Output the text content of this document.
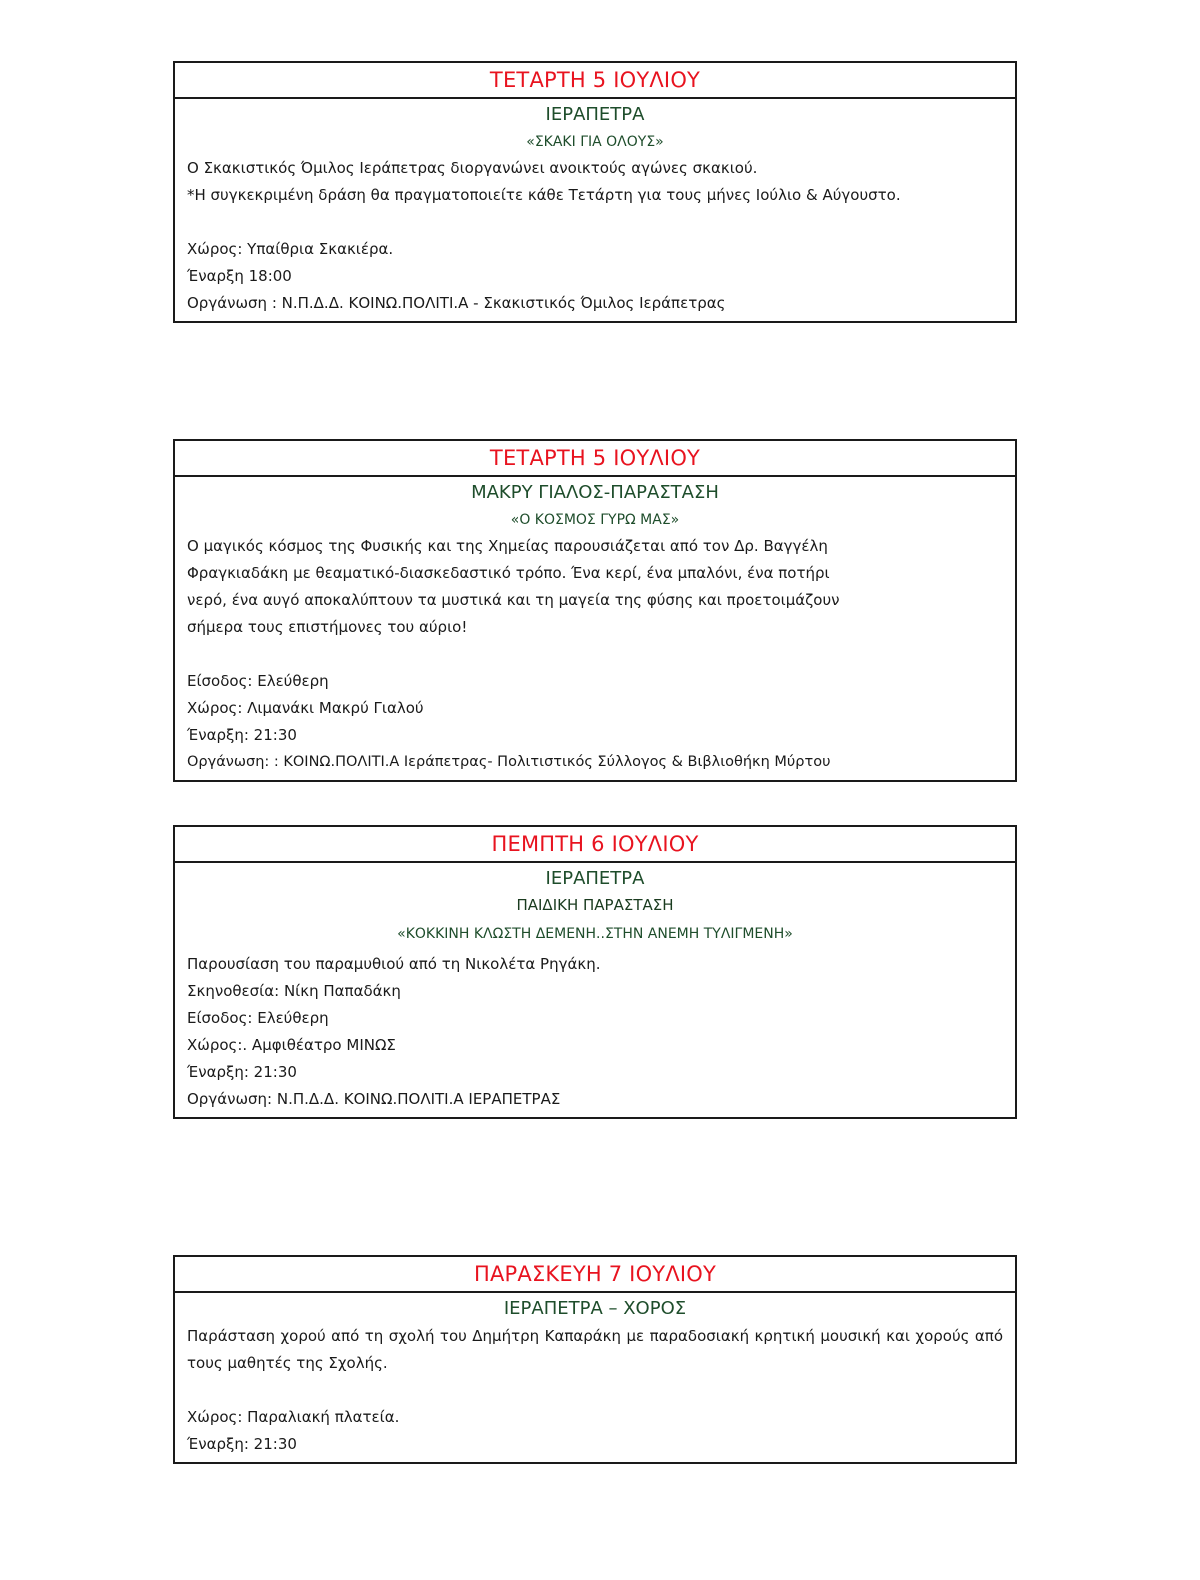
ΤΕΤΑΡΤΗ 5 ΙΟΥΛΙΟΥ
ΙΕΡΑΠΕΤΡΑ
«ΣΚΑΚΙ ΓΙΑ ΟΛΟΥΣ»
Ο Σκακιστικός Όμιλος Ιεράπετρας διοργανώνει ανοικτούς αγώνες σκακιού.
*Η συγκεκριμένη δράση θα πραγματοποιείτε κάθε Τετάρτη για τους μήνες Ιούλιο & Αύγουστο.
Χώρος: Υπαίθρια Σκακιέρα.
Έναρξη 18:00
Οργάνωση : Ν.Π.Δ.Δ. ΚΟΙΝΩ.ΠΟΛΙΤΙ.Α - Σκακιστικός Όμιλος Ιεράπετρας
ΤΕΤΑΡΤΗ 5 ΙΟΥΛΙΟΥ
ΜΑΚΡΥ ΓΙΑΛΟΣ-ΠΑΡΑΣΤΑΣΗ
«Ο ΚΟΣΜΟΣ ΓΥΡΩ ΜΑΣ»
Ο μαγικός κόσμος της Φυσικής και της Χημείας παρουσιάζεται από τον Δρ. Βαγγέλη
Φραγκιαδάκη με θεαματικό-διασκεδαστικό τρόπο. Ένα κερί, ένα μπαλόνι, ένα ποτήρι
νερό, ένα αυγό αποκαλύπτουν τα μυστικά και τη μαγεία της φύσης και προετοιμάζουν
σήμερα τους επιστήμονες του αύριο!
Είσοδος: Ελεύθερη
Χώρος: Λιμανάκι Μακρύ Γιαλού
Έναρξη: 21:30
Οργάνωση: : ΚΟΙΝΩ.ΠΟΛΙΤΙ.Α Ιεράπετρας- Πολιτιστικός Σύλλογος & Βιβλιοθήκη Μύρτου
ΠΕΜΠΤΗ 6 ΙΟΥΛΙΟΥ
ΙΕΡΑΠΕΤΡΑ
ΠΑΙΔΙΚΗ ΠΑΡΑΣΤΑΣΗ
«ΚΟΚΚΙΝΗ ΚΛΩΣΤΗ ΔΕΜΕΝΗ..ΣΤΗΝ ΑΝΕΜΗ ΤΥΛΙΓΜΕΝΗ»
Παρουσίαση του παραμυθιού από τη Νικολέτα Ρηγάκη.
Σκηνοθεσία: Νίκη Παπαδάκη
Είσοδος: Ελεύθερη
Χώρος:. Αμφιθέατρο ΜΙΝΩΣ
Έναρξη: 21:30
Οργάνωση: Ν.Π.Δ.Δ. ΚΟΙΝΩ.ΠΟΛΙΤΙ.Α ΙΕΡΑΠΕΤΡΑΣ
ΠΑΡΑΣΚΕΥΗ 7 ΙΟΥΛΙΟΥ
ΙΕΡΑΠΕΤΡΑ – ΧΟΡΟΣ
Παράσταση χορού από τη σχολή του Δημήτρη Καπαράκη με παραδοσιακή κρητική μουσική και χορούς από τους μαθητές της Σχολής.
Χώρος: Παραλιακή πλατεία.
Έναρξη: 21:30
